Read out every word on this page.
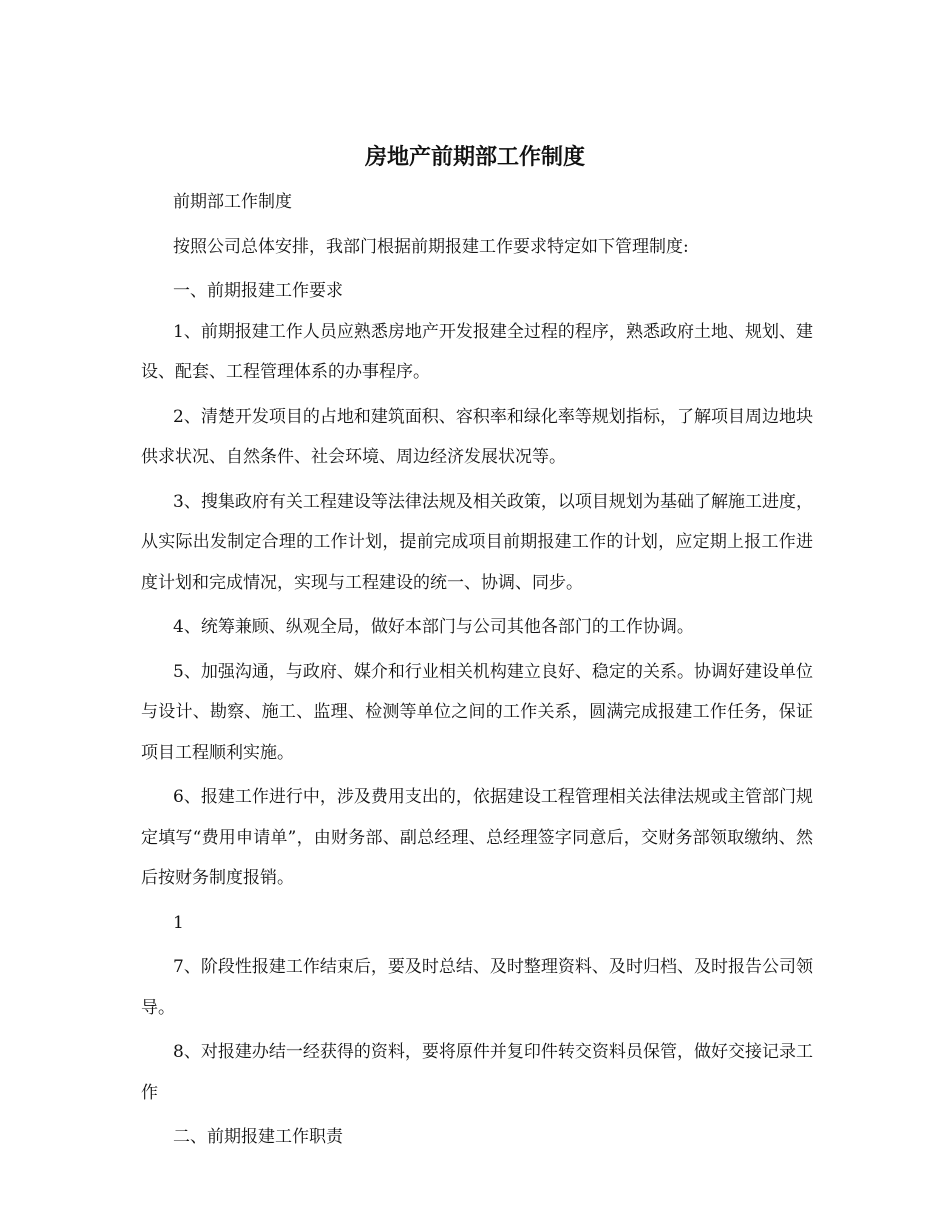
房地产前期部工作制度

前期部工作制度

按照公司总体安排，我部门根据前期报建工作要求特定如下管理制度:

一、前期报建工作要求

1、前期报建工作人员应熟悉房地产开发报建全过程的程序，熟悉政府土地、规划、建设、配套、工程管理体系的办事程序。

2、清楚开发项目的占地和建筑面积、容积率和绿化率等规划指标，了解项目周边地块供求状况、自然条件、社会环境、周边经济发展状况等。

3、搜集政府有关工程建设等法律法规及相关政策，以项目规划为基础了解施工进度，从实际出发制定合理的工作计划，提前完成项目前期报建工作的计划，应定期上报工作进度计划和完成情况，实现与工程建设的统一、协调、同步。

4、统筹兼顾、纵观全局，做好本部门与公司其他各部门的工作协调。

5、加强沟通，与政府、媒介和行业相关机构建立良好、稳定的关系。协调好建设单位与设计、勘察、施工、监理、检测等单位之间的工作关系，圆满完成报建工作任务，保证项目工程顺利实施。

6、报建工作进行中，涉及费用支出的，依据建设工程管理相关法律法规或主管部门规定填写“费用申请单”，由财务部、副总经理、总经理签字同意后，交财务部领取缴纳、然后按财务制度报销。

1

7、阶段性报建工作结束后，要及时总结、及时整理资料、及时归档、及时报告公司领导。

8、对报建办结一经获得的资料，要将原件并复印件转交资料员保管，做好交接记录工作

二、前期报建工作职责
